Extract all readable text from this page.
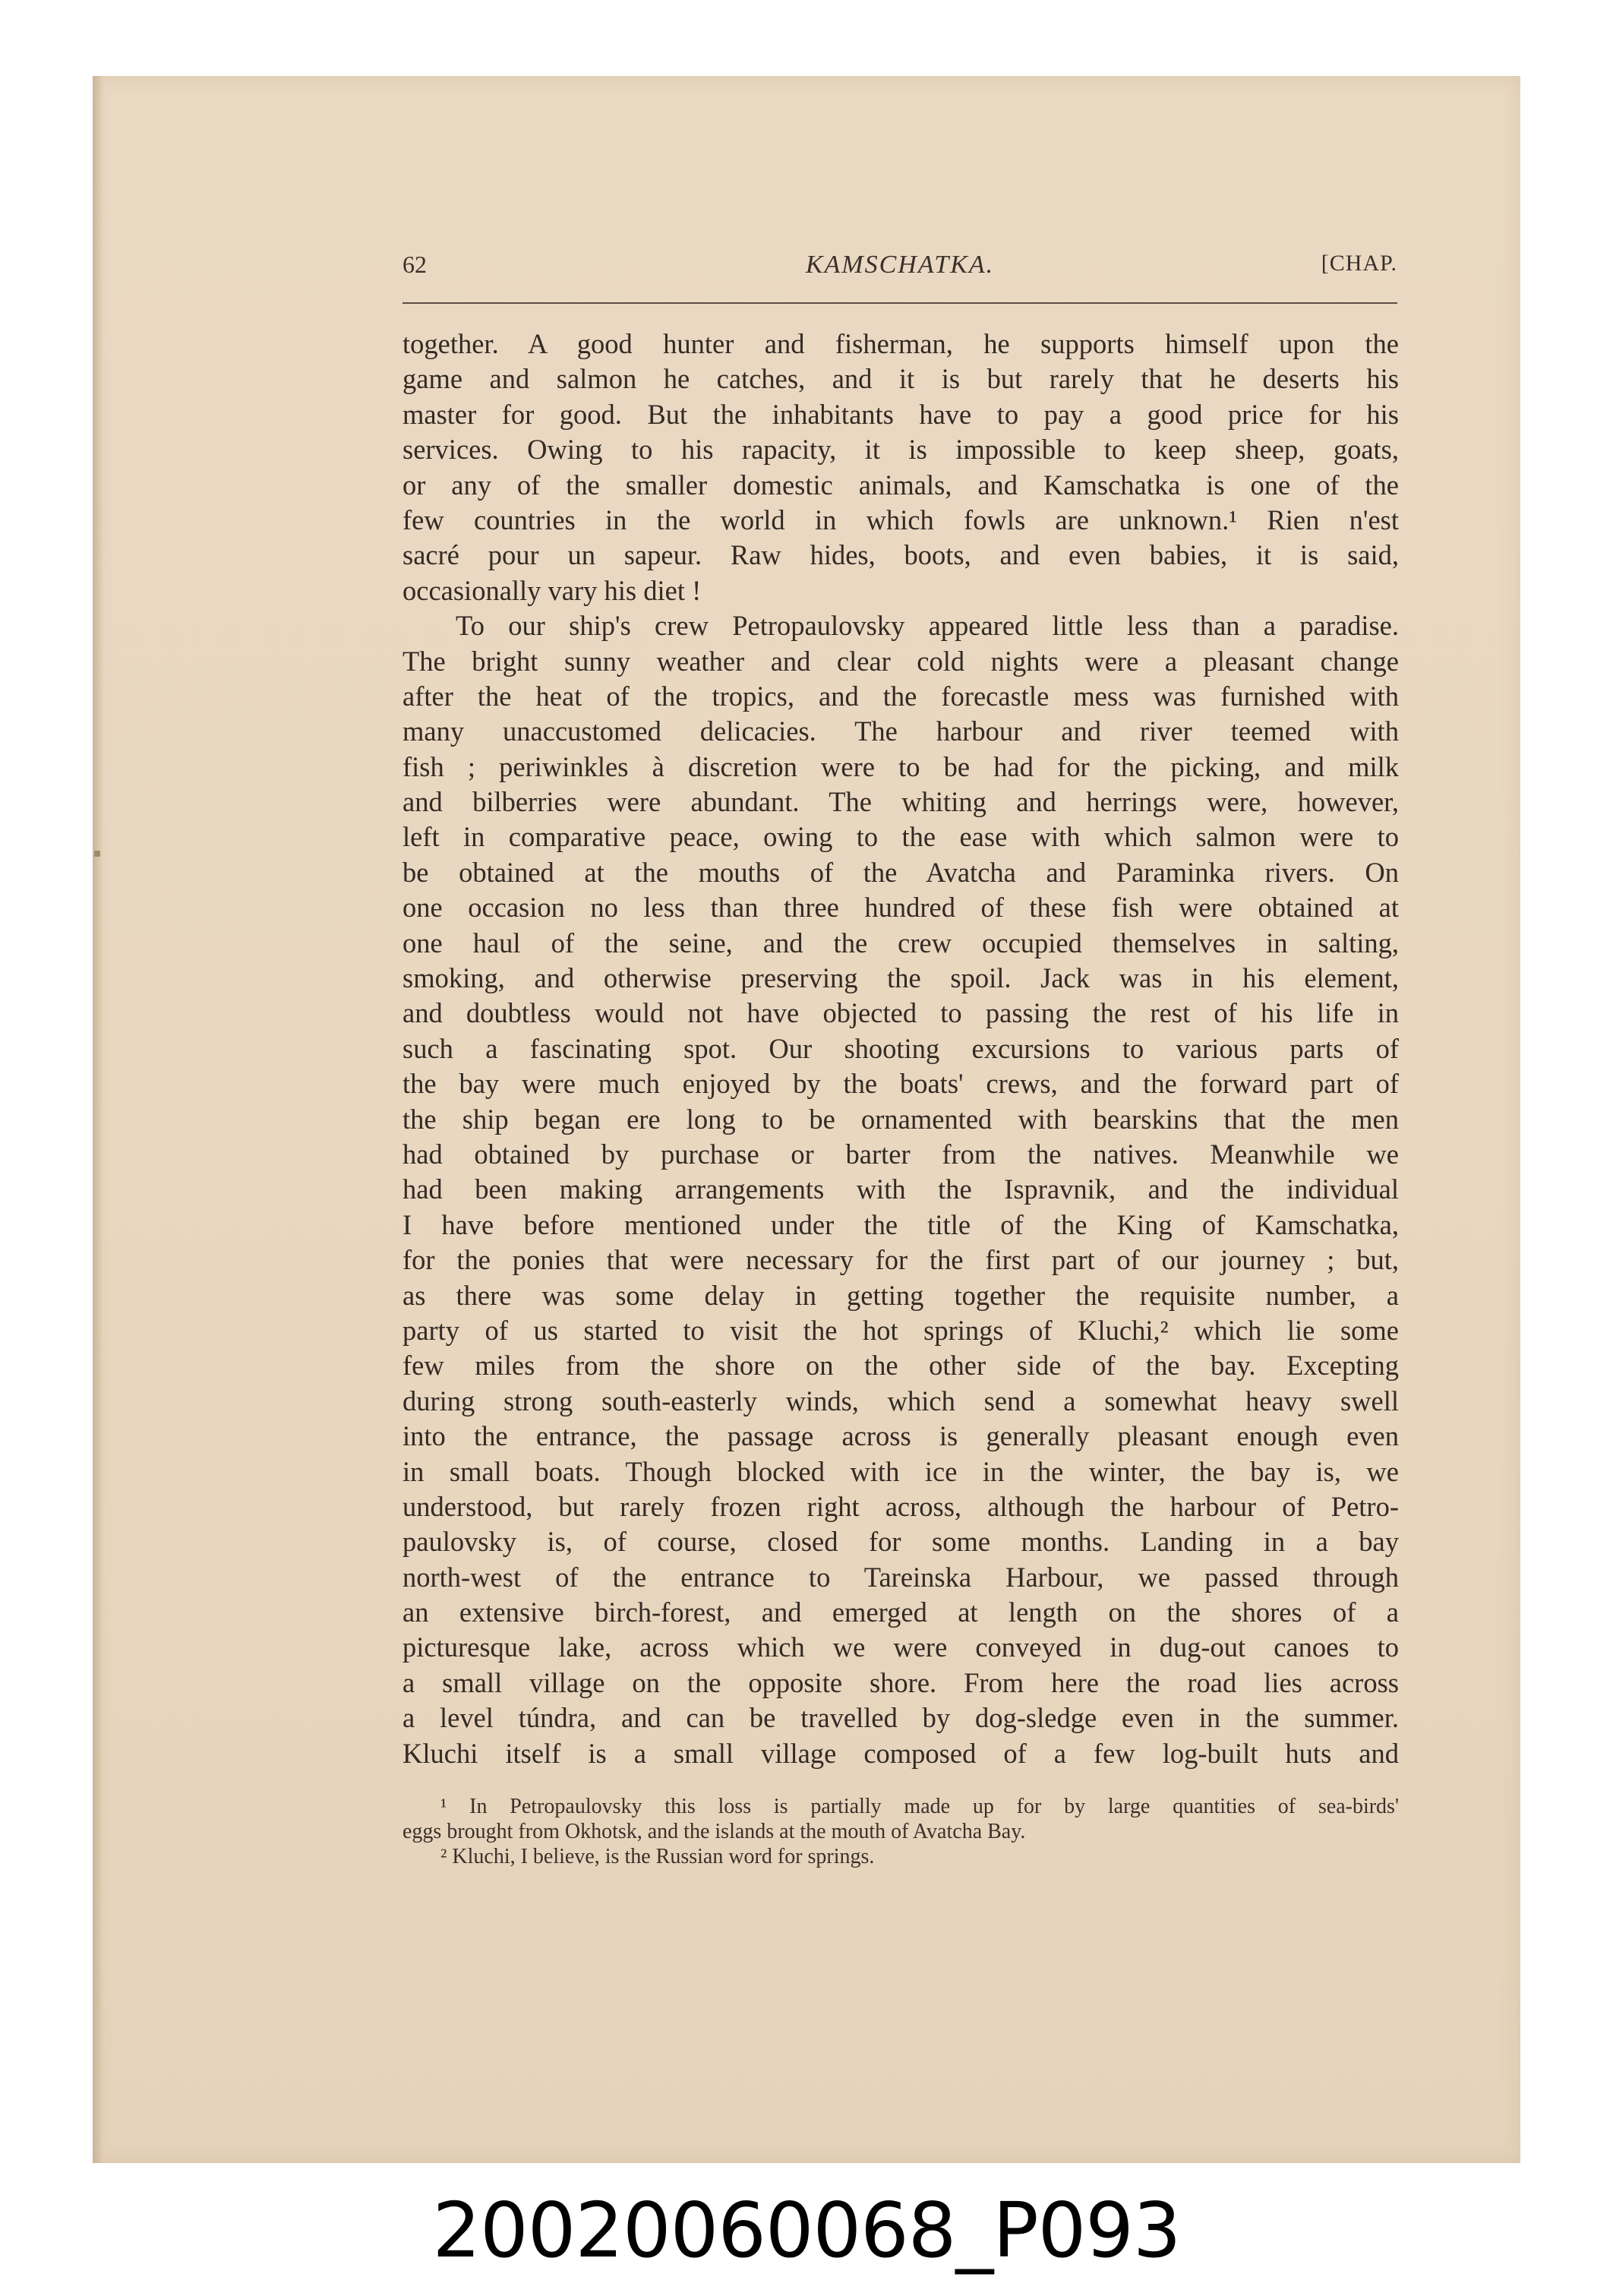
62	KAMSCHATKA.	[CHAP.
together. A good hunter and fisherman, he supports himself upon the
game and salmon he catches, and it is but rarely that he deserts his
master for good. But the inhabitants have to pay a good price for his
services. Owing to his rapacity, it is impossible to keep sheep, goats,
or any of the smaller domestic animals, and Kamschatka is one of the
few countries in the world in which fowls are unknown.¹ Rien n'est
sacré pour un sapeur. Raw hides, boots, and even babies, it is said,
occasionally vary his diet !
To our ship's crew Petropaulovsky appeared little less than a paradise.
The bright sunny weather and clear cold nights were a pleasant change
after the heat of the tropics, and the forecastle mess was furnished with
many unaccustomed delicacies. The harbour and river teemed with
fish ; periwinkles à discretion were to be had for the picking, and milk
and bilberries were abundant. The whiting and herrings were, however,
left in comparative peace, owing to the ease with which salmon were to
be obtained at the mouths of the Avatcha and Paraminka rivers. On
one occasion no less than three hundred of these fish were obtained at
one haul of the seine, and the crew occupied themselves in salting,
smoking, and otherwise preserving the spoil. Jack was in his element,
and doubtless would not have objected to passing the rest of his life in
such a fascinating spot. Our shooting excursions to various parts of
the bay were much enjoyed by the boats' crews, and the forward part of
the ship began ere long to be ornamented with bearskins that the men
had obtained by purchase or barter from the natives. Meanwhile we
had been making arrangements with the Ispravnik, and the individual
I have before mentioned under the title of the King of Kamschatka,
for the ponies that were necessary for the first part of our journey ; but,
as there was some delay in getting together the requisite number, a
party of us started to visit the hot springs of Kluchi,² which lie some
few miles from the shore on the other side of the bay. Excepting
during strong south-easterly winds, which send a somewhat heavy swell
into the entrance, the passage across is generally pleasant enough even
in small boats. Though blocked with ice in the winter, the bay is, we
understood, but rarely frozen right across, although the harbour of Petro-
paulovsky is, of course, closed for some months. Landing in a bay
north-west of the entrance to Tareinska Harbour, we passed through
an extensive birch-forest, and emerged at length on the shores of a
picturesque lake, across which we were conveyed in dug-out canoes to
a small village on the opposite shore. From here the road lies across
a level túndra, and can be travelled by dog-sledge even in the summer.
Kluchi itself is a small village composed of a few log-built huts and
¹ In Petropaulovsky this loss is partially made up for by large quantities of sea-birds'
eggs brought from Okhotsk, and the islands at the mouth of Avatcha Bay.
² Kluchi, I believe, is the Russian word for springs.
20020060068_P093
